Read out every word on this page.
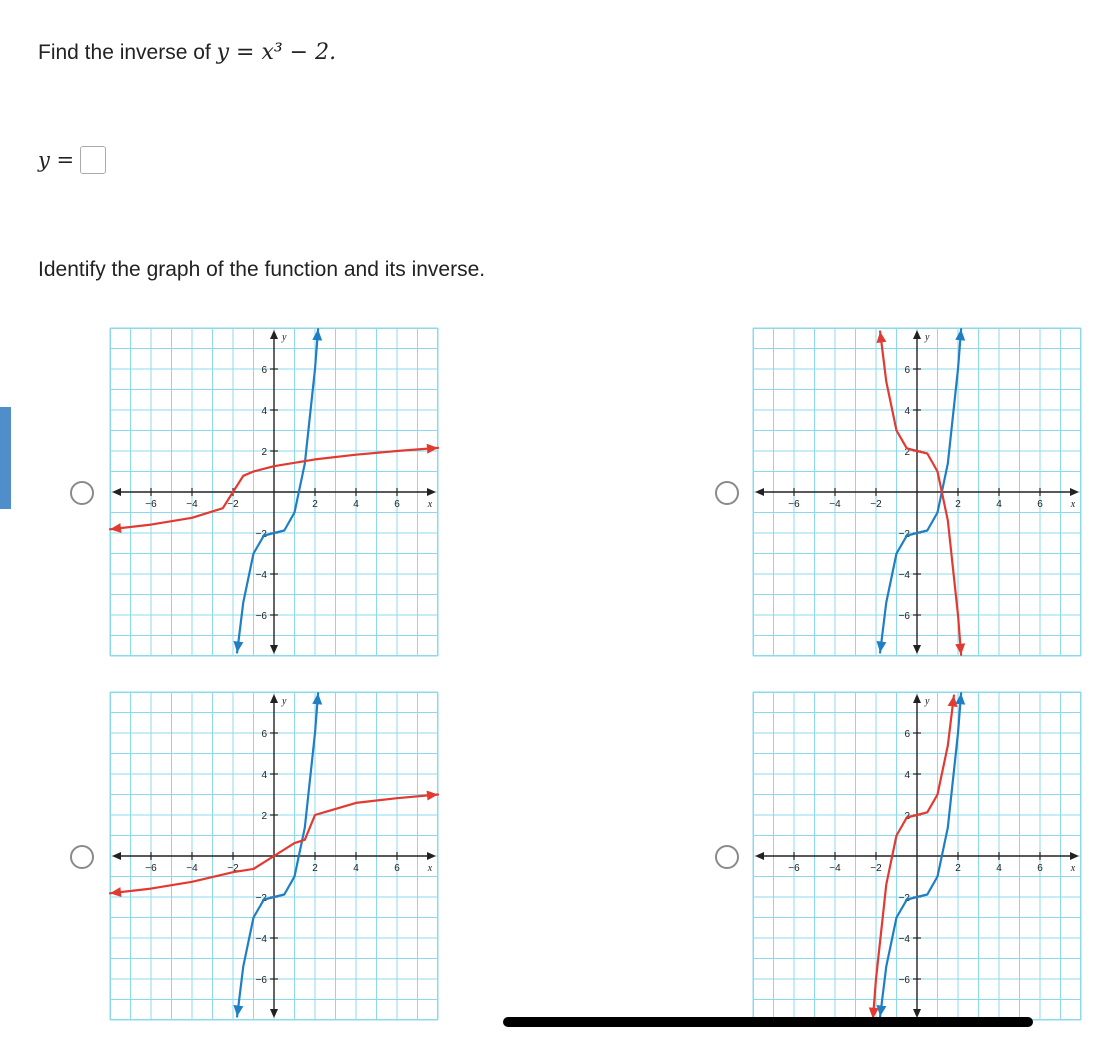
Find the inverse of y = x³ − 2.
y =
Identify the graph of the function and its inverse.
−6	−4	−2	2	4	6
6
4
2
−2
−4
−6
x
y
−6	−4	−2	2	4	6
6
4
2
−2
−4
−6
x
y
−6	−4	−2	2	4	6
6
4
2
−2
−4
−6
x
y
−6	−4	−2	2	4	6
6
4
2
−2
−4
−6
x
y
